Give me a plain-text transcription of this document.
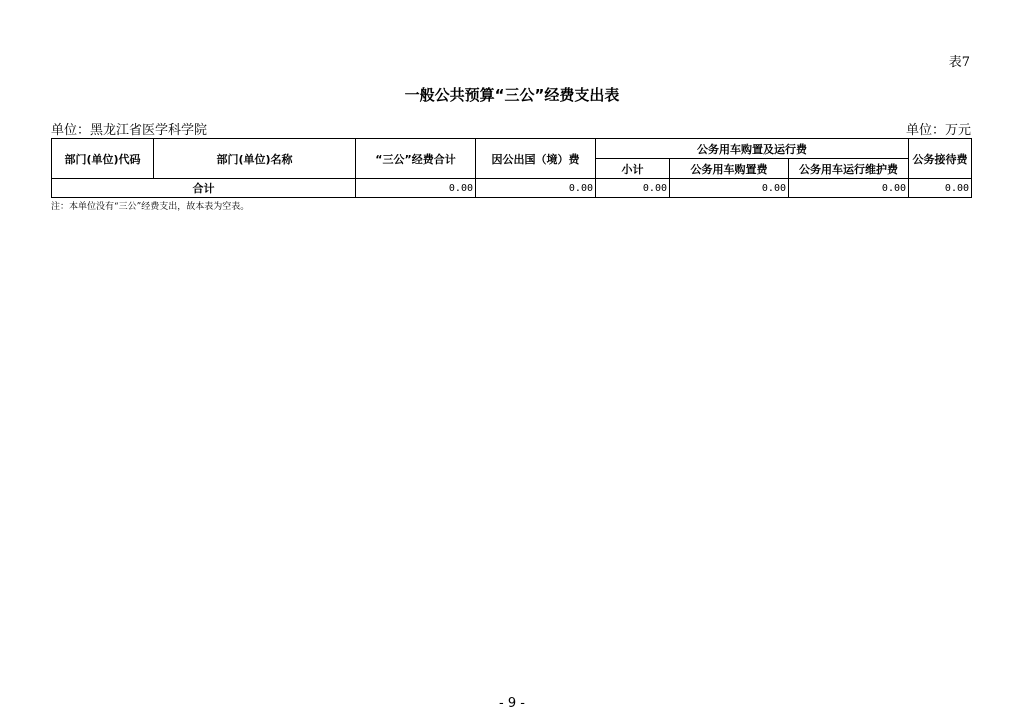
表7
一般公共预算“三公”经费支出表
单位：黑龙江省医学科学院	单位：万元
部门(单位)代码	部门(单位)名称	“三公”经费合计	因公出国（境）费	公务用车购置及运行费			公务接待费
				小计	公务用车购置费	公务用车运行维护费	
合计		0.00	0.00	0.00	0.00	0.00	0.00
注：本单位没有“三公”经费支出，故本表为空表。
- 9 -
